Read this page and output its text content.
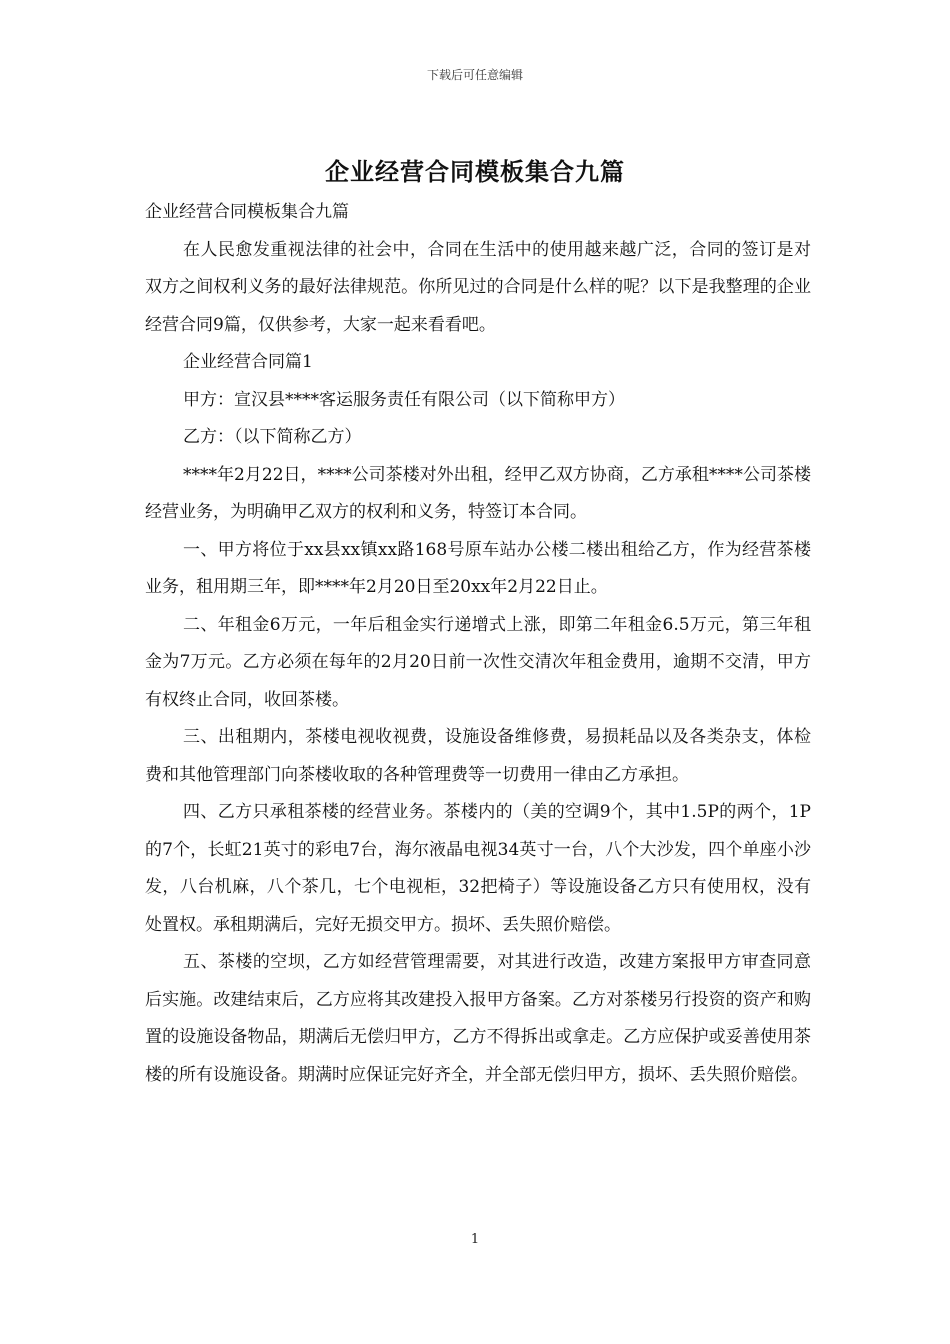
下载后可任意编辑
企业经营合同模板集合九篇

企业经营合同模板集合九篇

在人民愈发重视法律的社会中，合同在生活中的使用越来越广泛，合同的签订是对双方之间权利义务的最好法律规范。你所见过的合同是什么样的呢？以下是我整理的企业经营合同9篇，仅供参考，大家一起来看看吧。

企业经营合同篇1

甲方：宣汉县****客运服务责任有限公司（以下简称甲方）

乙方：（以下简称乙方）

****年2月22日，****公司茶楼对外出租，经甲乙双方协商，乙方承租****公司茶楼经营业务，为明确甲乙双方的权利和义务，特签订本合同。

一、甲方将位于xx县xx镇xx路168号原车站办公楼二楼出租给乙方，作为经营茶楼业务，租用期三年，即****年2月20日至20xx年2月22日止。

二、年租金6万元，一年后租金实行递增式上涨，即第二年租金6.5万元，第三年租金为7万元。乙方必须在每年的2月20日前一次性交清次年租金费用，逾期不交清，甲方有权终止合同，收回茶楼。

三、出租期内，茶楼电视收视费，设施设备维修费，易损耗品以及各类杂支，体检费和其他管理部门向茶楼收取的各种管理费等一切费用一律由乙方承担。

四、乙方只承租茶楼的经营业务。茶楼内的（美的空调9个，其中1.5P的两个，1P的7个，长虹21英寸的彩电7台，海尔液晶电视34英寸一台，八个大沙发，四个单座小沙发，八台机麻，八个茶几，七个电视柜，32把椅子）等设施设备乙方只有使用权，没有处置权。承租期满后，完好无损交甲方。损坏、丢失照价赔偿。

五、茶楼的空坝，乙方如经营管理需要，对其进行改造，改建方案报甲方审查同意后实施。改建结束后，乙方应将其改建投入报甲方备案。乙方对茶楼另行投资的资产和购置的设施设备物品，期满后无偿归甲方，乙方不得拆出或拿走。乙方应保护或妥善使用茶楼的所有设施设备。期满时应保证完好齐全，并全部无偿归甲方，损坏、丢失照价赔偿。

1
